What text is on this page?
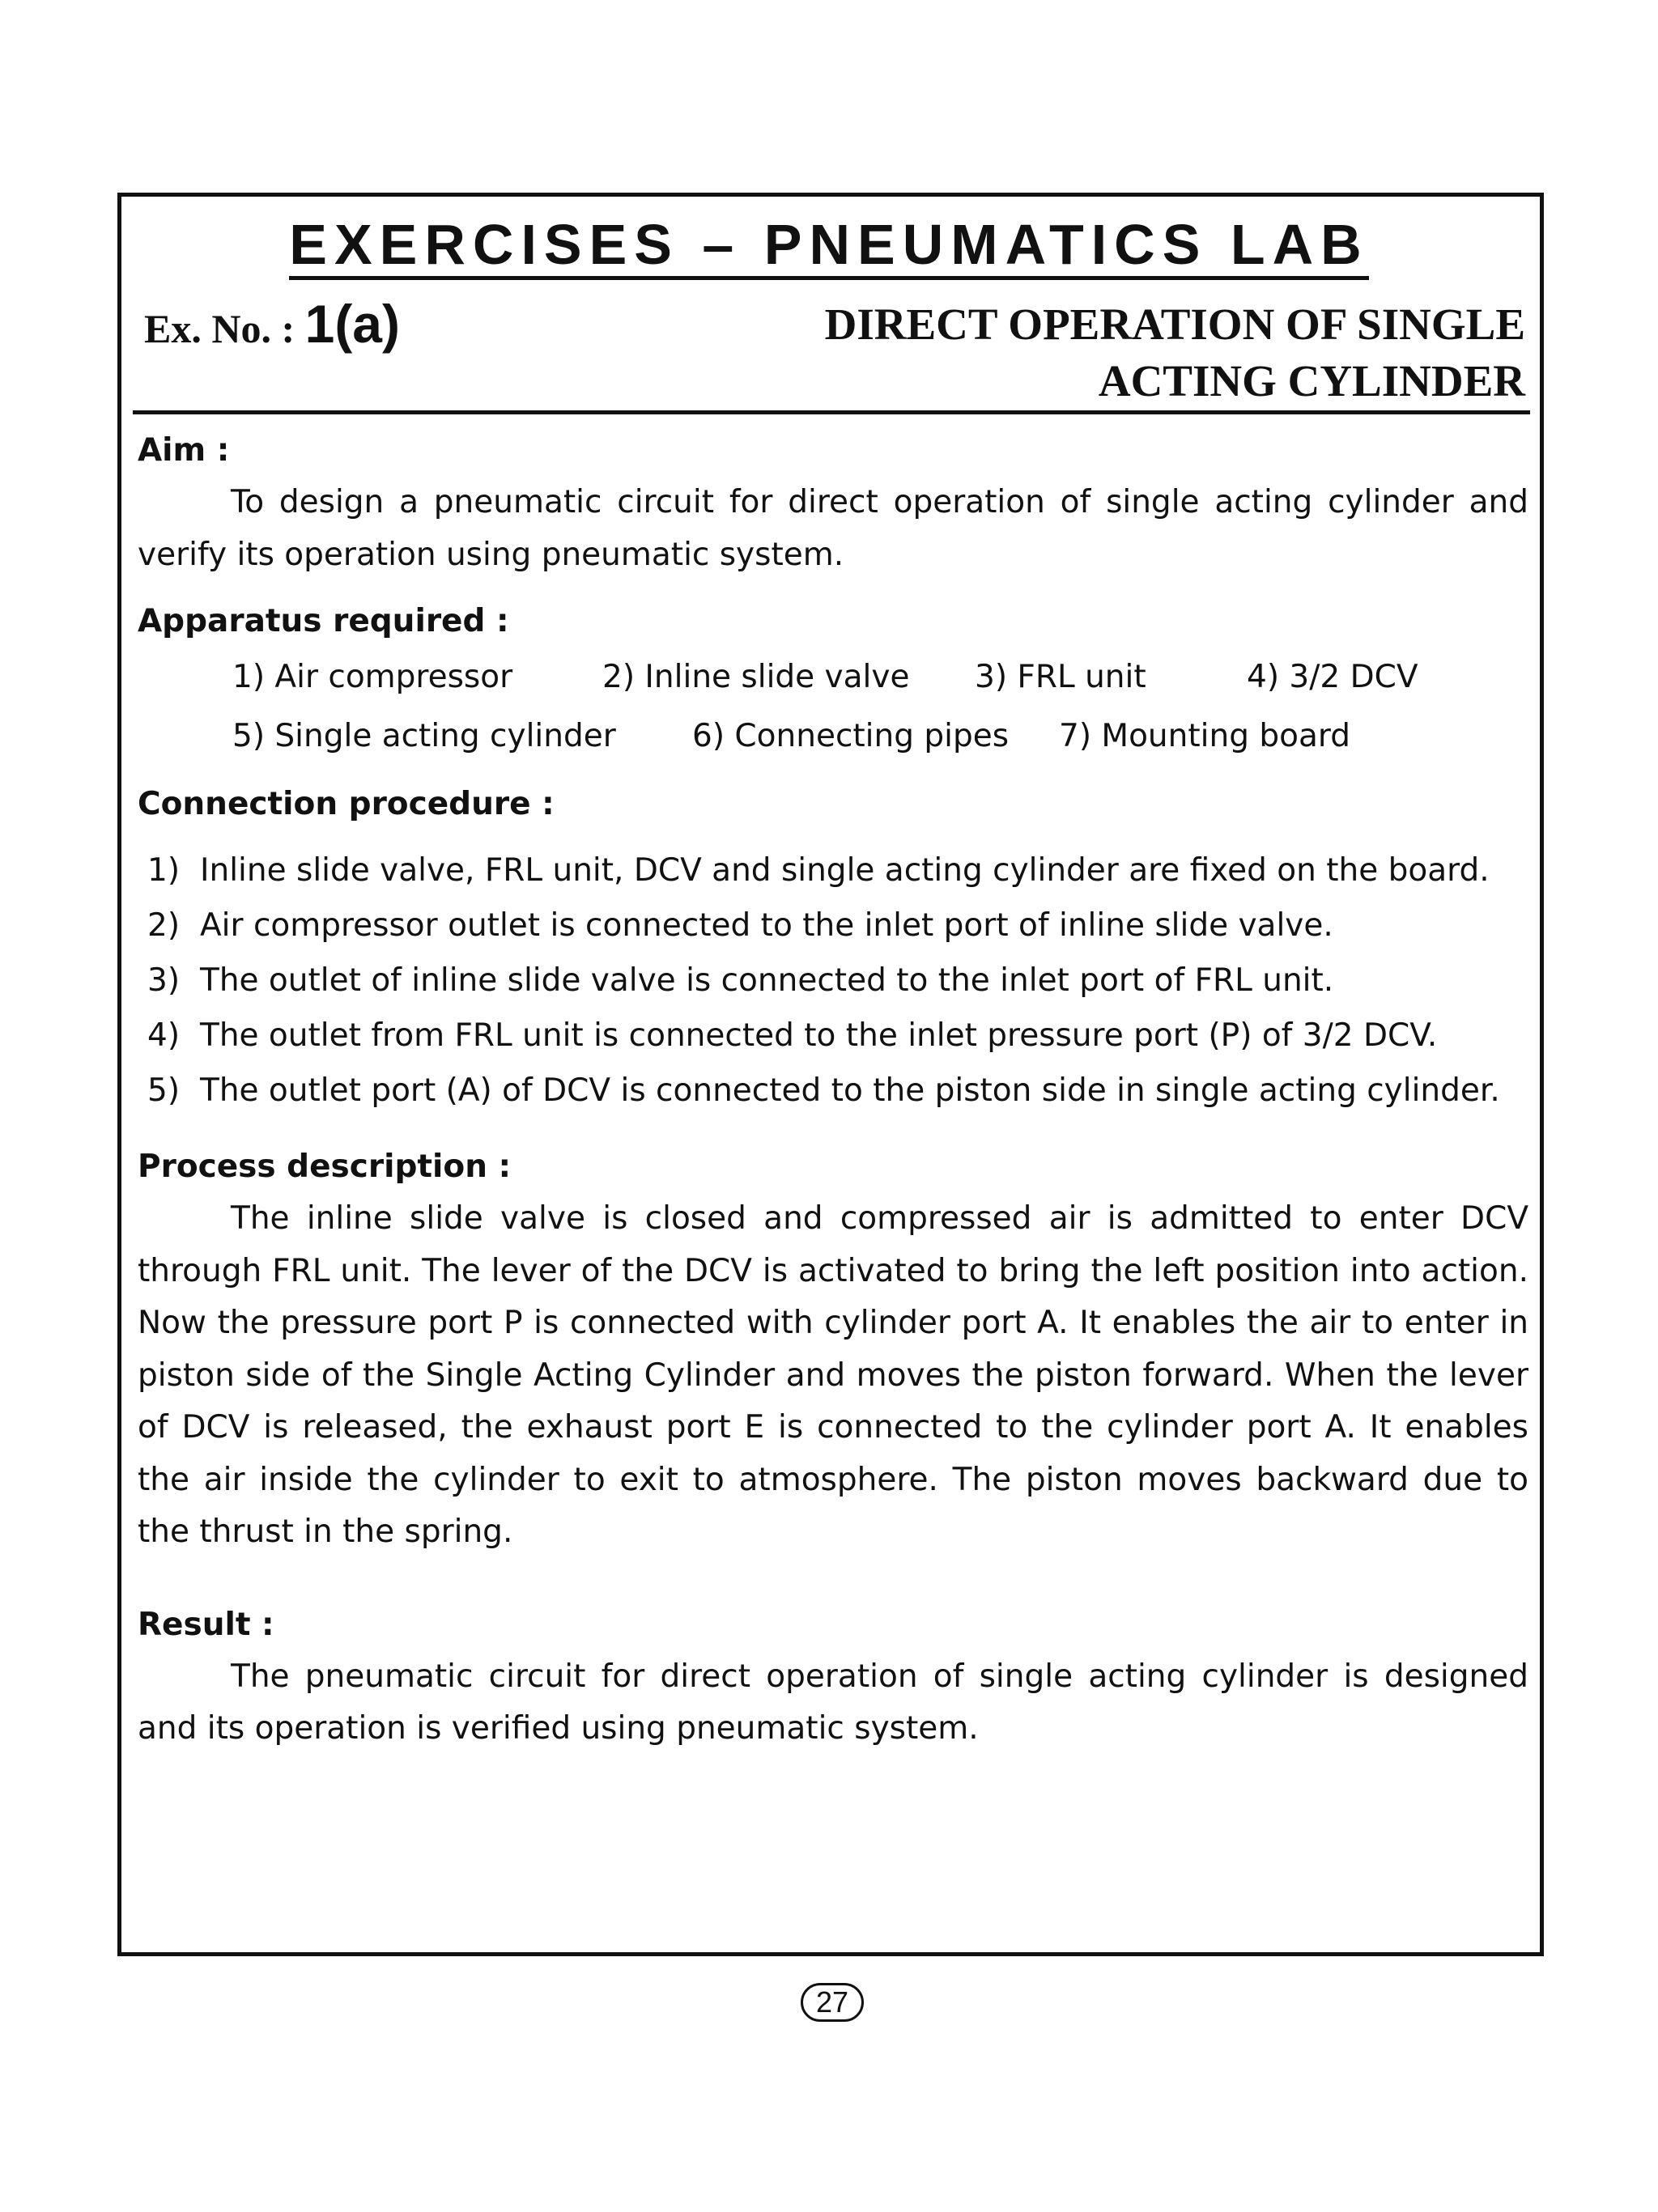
EXERCISES – PNEUMATICS LAB
Ex. No. : 1(a)	DIRECT OPERATION OF SINGLE
ACTING CYLINDER

Aim :

To design a pneumatic circuit for direct operation of single acting cylinder and verify its operation using pneumatic system.

Apparatus required :

1) Air compressor	2) Inline slide valve 3) FRL unit	4) 3/2 DCV
5) Single acting cylinder 6) Connecting pipes 7) Mounting board

Connection procedure :

1) Inline slide valve, FRL unit, DCV and single acting cylinder are fixed on the board.
2) Air compressor outlet is connected to the inlet port of inline slide valve.
3) The outlet of inline slide valve is connected to the inlet port of FRL unit.
4) The outlet from FRL unit is connected to the inlet pressure port (P) of 3/2 DCV.
5) The outlet port (A) of DCV is connected to the piston side in single acting cylinder.

Process description :

The inline slide valve is closed and compressed air is admitted to enter DCV through FRL unit. The lever of the DCV is activated to bring the left position into action. Now the pressure port P is connected with cylinder port A. It enables the air to enter in piston side of the Single Acting Cylinder and moves the piston forward. When the lever of DCV is released, the exhaust port E is connected to the cylinder port A. It enables the air inside the cylinder to exit to atmosphere. The piston moves backward due to the thrust in the spring.

Result :

The pneumatic circuit for direct operation of single acting cylinder is designed and its operation is verified using pneumatic system.

27
